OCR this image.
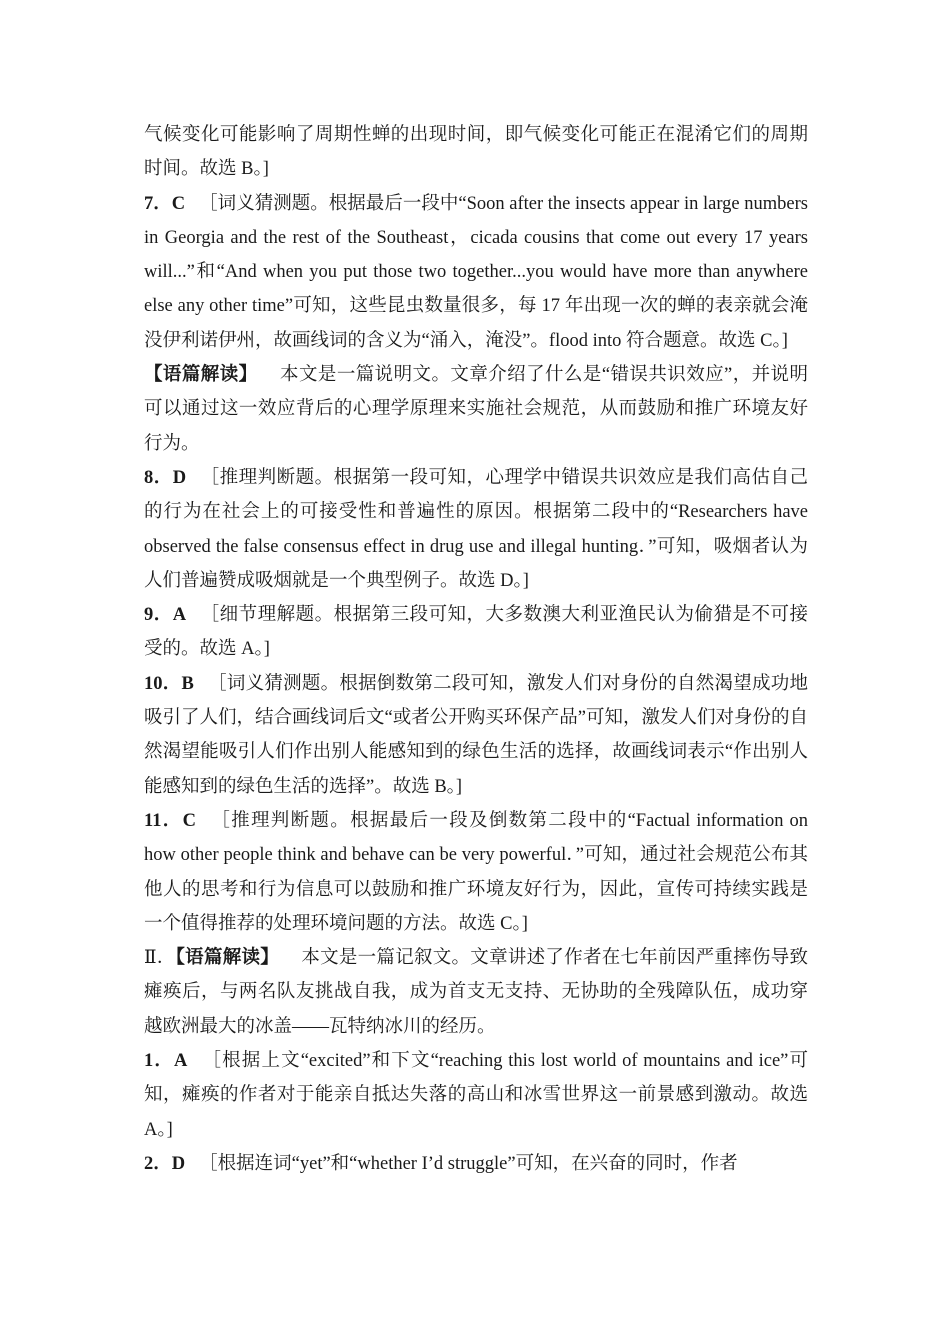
气候变化可能影响了周期性蝉的出现时间，即气候变化可能正在混淆它们的周期时间。故选 B。]

7．C ［词义猜测题。根据最后一段中“Soon after the insects appear in large numbers in Georgia and the rest of the Southeast，cicada cousins that come out every 17 years will...”和“And when you put those two together...you would have more than anywhere else any other time”可知，这些昆虫数量很多，每 17 年出现一次的蝉的表亲就会淹没伊利诺伊州，故画线词的含义为“涌入，淹没”。flood into 符合题意。故选 C。]

【语篇解读】 本文是一篇说明文。文章介绍了什么是“错误共识效应”，并说明可以通过这一效应背后的心理学原理来实施社会规范，从而鼓励和推广环境友好行为。

8．D ［推理判断题。根据第一段可知，心理学中错误共识效应是我们高估自己的行为在社会上的可接受性和普遍性的原因。根据第二段中的“Researchers have observed the false consensus effect in drug use and illegal hunting．”可知，吸烟者认为人们普遍赞成吸烟就是一个典型例子。故选 D。]

9．A ［细节理解题。根据第三段可知，大多数澳大利亚渔民认为偷猎是不可接受的。故选 A。]

10．B ［词义猜测题。根据倒数第二段可知，激发人们对身份的自然渴望成功地吸引了人们，结合画线词后文“或者公开购买环保产品”可知，激发人们对身份的自然渴望能吸引人们作出别人能感知到的绿色生活的选择，故画线词表示“作出别人能感知到的绿色生活的选择”。故选 B。]

11．C ［推理判断题。根据最后一段及倒数第二段中的“Factual information on how other people think and behave can be very powerful．”可知，通过社会规范公布其他人的思考和行为信息可以鼓励和推广环境友好行为，因此，宣传可持续实践是一个值得推荐的处理环境问题的方法。故选 C。]

Ⅱ．【语篇解读】 本文是一篇记叙文。文章讲述了作者在七年前因严重摔伤导致瘫痪后，与两名队友挑战自我，成为首支无支持、无协助的全残障队伍，成功穿越欧洲最大的冰盖——瓦特纳冰川的经历。

1．A ［根据上文“excited”和下文“reaching this lost world of mountains and ice”可知，瘫痪的作者对于能亲自抵达失落的高山和冰雪世界这一前景感到激动。故选 A。]

2．D ［根据连词“yet”和“whether I’d struggle”可知，在兴奋的同时，作者
